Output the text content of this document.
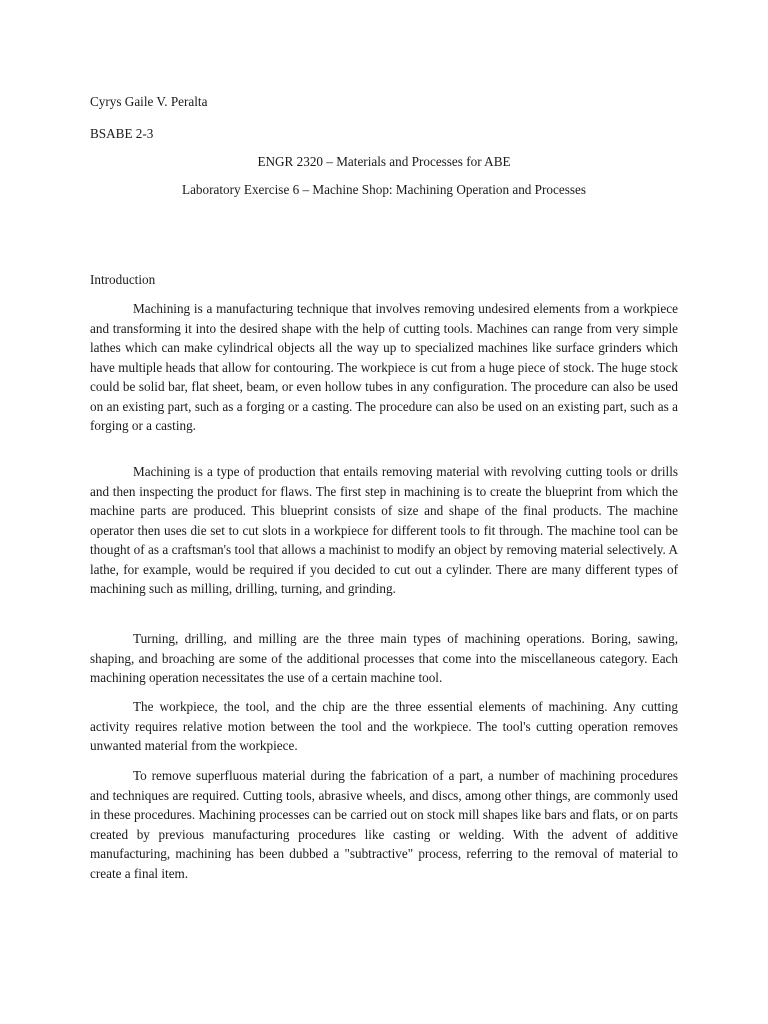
Cyrys Gaile V. Peralta

BSABE 2-3

ENGR 2320 – Materials and Processes for ABE

Laboratory Exercise 6 – Machine Shop: Machining Operation and Processes

Introduction

Machining is a manufacturing technique that involves removing undesired elements from a workpiece and transforming it into the desired shape with the help of cutting tools. Machines can range from very simple lathes which can make cylindrical objects all the way up to specialized machines like surface grinders which have multiple heads that allow for contouring. The workpiece is cut from a huge piece of stock. The huge stock could be solid bar, flat sheet, beam, or even hollow tubes in any configuration. The procedure can also be used on an existing part, such as a forging or a casting. The procedure can also be used on an existing part, such as a forging or a casting.

Machining is a type of production that entails removing material with revolving cutting tools or drills and then inspecting the product for flaws. The first step in machining is to create the blueprint from which the machine parts are produced. This blueprint consists of size and shape of the final products. The machine operator then uses die set to cut slots in a workpiece for different tools to fit through. The machine tool can be thought of as a craftsman's tool that allows a machinist to modify an object by removing material selectively. A lathe, for example, would be required if you decided to cut out a cylinder. There are many different types of machining such as milling, drilling, turning, and grinding.

Turning, drilling, and milling are the three main types of machining operations. Boring, sawing, shaping, and broaching are some of the additional processes that come into the miscellaneous category. Each machining operation necessitates the use of a certain machine tool.

The workpiece, the tool, and the chip are the three essential elements of machining. Any cutting activity requires relative motion between the tool and the workpiece. The tool's cutting operation removes unwanted material from the workpiece.

To remove superfluous material during the fabrication of a part, a number of machining procedures and techniques are required. Cutting tools, abrasive wheels, and discs, among other things, are commonly used in these procedures. Machining processes can be carried out on stock mill shapes like bars and flats, or on parts created by previous manufacturing procedures like casting or welding. With the advent of additive manufacturing, machining has been dubbed a "subtractive" process, referring to the removal of material to create a final item.
